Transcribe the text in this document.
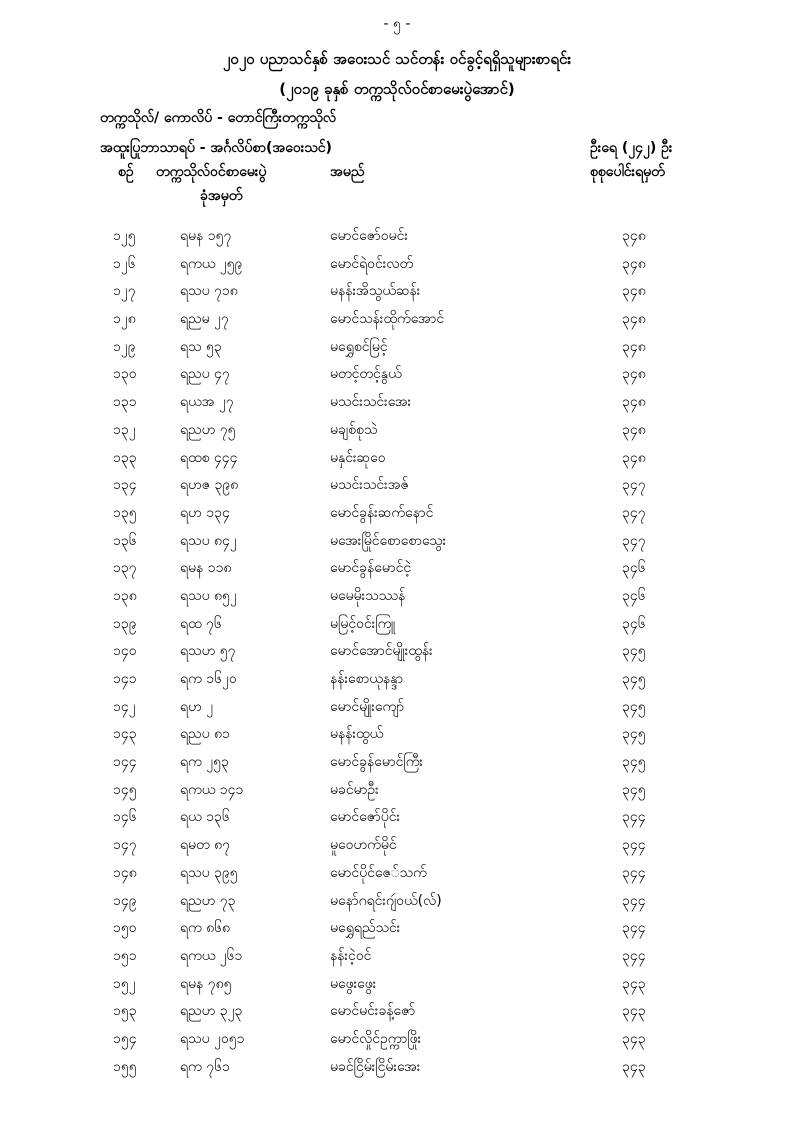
- ၅ -
၂၀၂၀ ပညာသင်နှစ် အဝေးသင် သင်တန်း ဝင်ခွင့်ရရှိသူများစာရင်း
(၂၀၁၉ ခုနှစ် တက္ကသိုလ်ဝင်စာမေးပွဲအောင်)
တက္ကသိုလ်/ ကောလိပ် - တောင်ကြီးတက္ကသိုလ်
အထူးပြုဘာသာရပ် - အင်္ဂလိပ်စာ(အဝေးသင်)	ဦးရေ (၂၄၂) ဦး
စဉ် တက္ကသိုလ်ဝင်စာမေးပွဲ
ခုံအမှတ်
အမည်	စုစုပေါင်းရမှတ်
၁၂၅	ရမန ၁၅၇	မောင်ဇော်ဝမင်း	၃၄၈
၁၂၆	ရကယ ၂၅၉	မောင်ရဲဝင်းလတ်	၃၄၈
၁၂၇	ရသပ ၇၁၈	မနန်းအိသွယ်ဆန်း	၃၄၈
၁၂၈	ရညမ ၂၇	မောင်သန်းထိုက်အောင်	၃၄၈
၁၂၉	ရသ ၅၃	မရွှေစင်မြင့်	၃၄၈
၁၃၀	ရညပ ၄၇	မတင့်တင့်နွယ်	၃၄၈
၁၃၁	ရယအ ၂၇	မသင်းသင်းအေး	၃၄၈
၁၃၂	ရညဟ ၇၅	မချစ်စုသဲ	၃၄၈
၁၃၃	ရထစ ၄၄၄	မနှင်းဆုဝေ	၃၄၈
၁၃၄	ရဟဇ ၃၉၈	မသင်းသင်းအဇ်	၃၄၇
၁၃၅	ရဟ ၁၃၄	မောင်ခွန်းဆက်နောင်	၃၄၇
၁၃၆	ရသပ ၈၄၂	မအေးမြိုင်စောစောသွေး	၃၄၇
၁၃၇	ရမန ၁၁၈	မောင်ခွန်မောင်ငဲ့	၃၄၆
၁၃၈	ရသပ ၈၅၂	မမေမိုးသဿန်	၃၄၆
၁၃၉	ရထ ၇၆	မမြင့်ဝင်းကြူ	၃၄၆
၁၄၀	ရသဟ ၅၇	မောင်အောင်မျိုးထွန်း	၃၄၅
၁၄၁	ရက ၁၆၂၀	နန်းစောယုနန္ဒာ	၃၄၅
၁၄၂	ရဟ ၂	မောင်မျိုးကျော်	၃၄၅
၁၄၃	ရညပ ၈၁	မနန်းထွယ်	၃၄၅
၁၄၄	ရက ၂၅၃	မောင်ခွန်မောင်ကြီး	၃၄၅
၁၄၅	ရကယ ၁၄၁	မခင်မာဦး	၃၄၅
၁၄၆	ရယ ၁၃၆	မောင်ဇော်ပိုင်း	၃၄၄
၁၄၇	ရမတ ၈၇	မူဝေဟက်မိုင်	၃၄၄
၁၄၈	ရသပ ၃၉၅	မောင်ပိုင်ဇေ်သက်	၃၄၄
၁၄၉	ရညဟ ၇၃	မနော်ဂရင်းဂျဴဝယ်(လ်)	၃၄၄
၁၅၀	ရက ၈၆၈	မရွှေရည်သင်း	၃၄၄
၁၅၁	ရကယ ၂၆၁	နန်းငဲ့ဝင်	၃၄၄
၁၅၂	ရမန ၇၈၅	မဖွေးဖွေး	၃၄၃
၁၅၃	ရညဟ ၃၂၃	မောင်မင်းခန့်ဇော်	၃၄၃
၁၅၄	ရသပ ၂၀၅၁	မောင်လှိုင်ဥက္ကာဖြိုး	၃၄၃
၁၅၅	ရက ၇၆၁	မခင်ငြိမ်းငြိမ်းအေး	၃၄၃
